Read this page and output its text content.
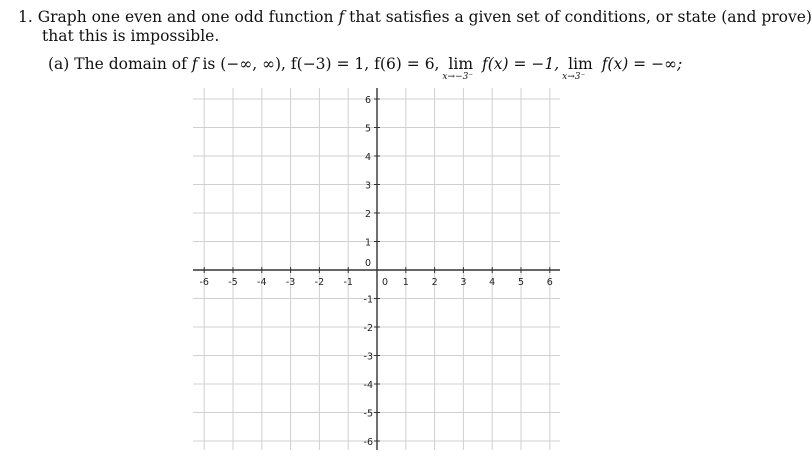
1. Graph one even and one odd function f that satisfies a given set of conditions, or state (and prove)
that this is impossible.
(a) The domain of f is (−∞, ∞), f(−3) = 1, f(6) = 6, lim
x→−3⁻
f(x) = −1, lim
x→3⁻
f(x) = −∞;
-6 -5 -4 -3 -2 -1	0 1 2 3 4 5 6
6
5
4
3
2
1
0
-1
-2
-3
-4
-5
-6
